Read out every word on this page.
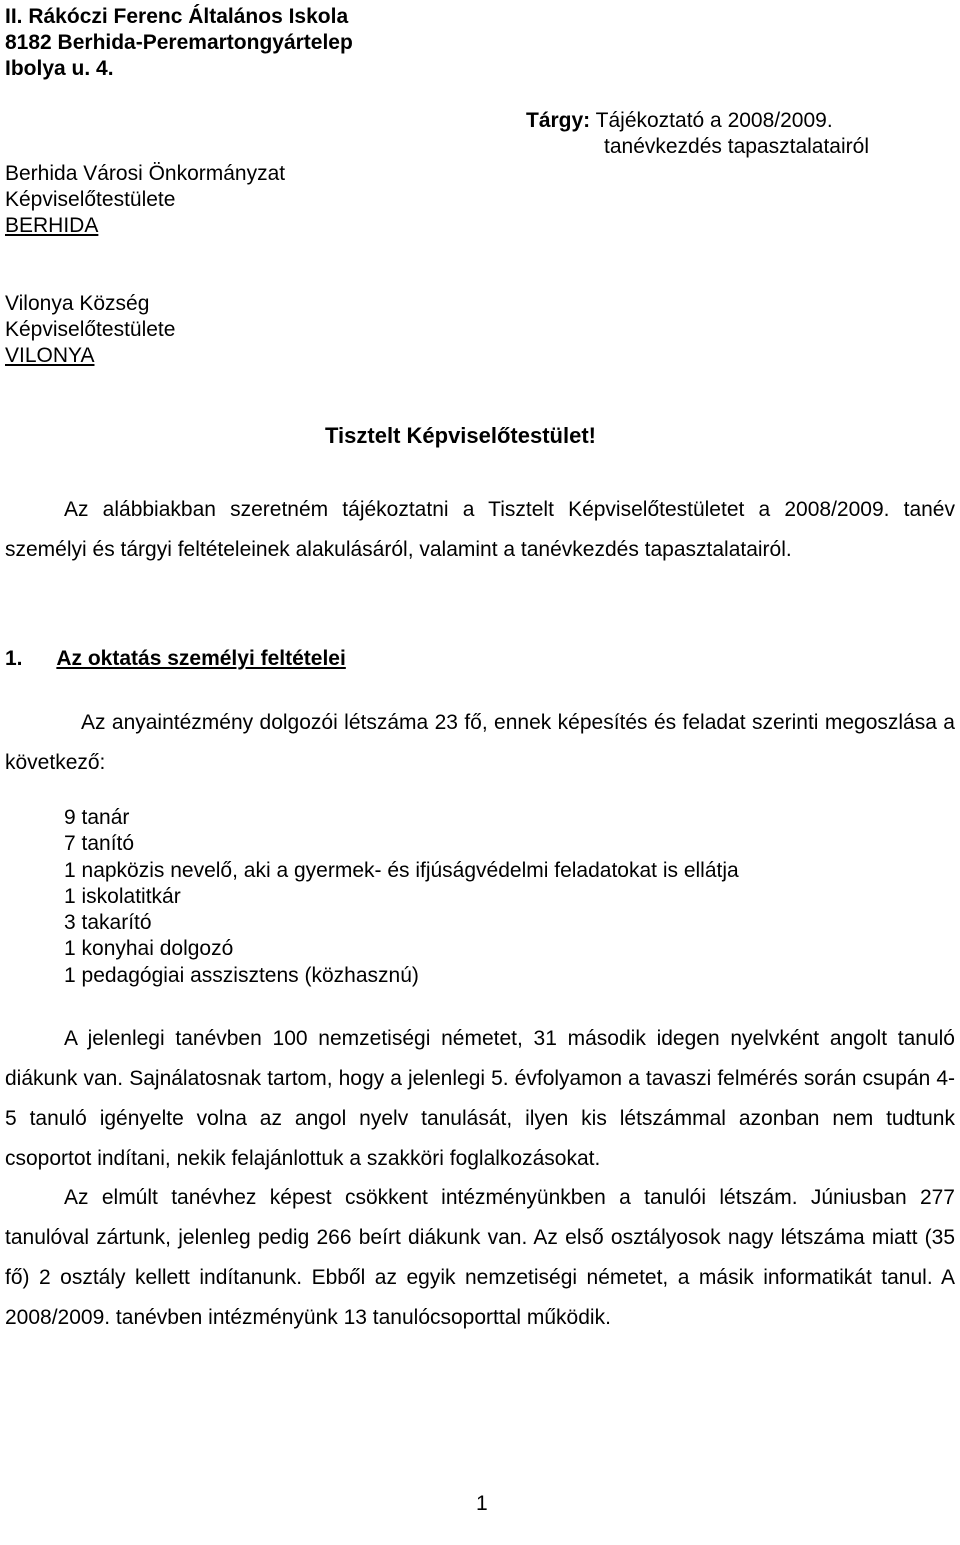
II. Rákóczi Ferenc Általános Iskola
8182 Berhida-Peremartongyártelep
Ibolya u. 4.
Tárgy: Tájékoztató a 2008/2009.
tanévkezdés tapasztalatairól
Berhida Városi Önkormányzat
Képviselőtestülete
BERHIDA
Vilonya Község
Képviselőtestülete
VILONYA
Tisztelt Képviselőtestület!
Az alábbiakban szeretném tájékoztatni a Tisztelt Képviselőtestületet a 2008/2009. tanév személyi és tárgyi feltételeinek alakulásáról, valamint a tanévkezdés tapasztalatairól.
1. Az oktatás személyi feltételei
Az anyaintézmény dolgozói létszáma 23 fő, ennek képesítés és feladat szerinti megoszlása a következő:
9 tanár
7 tanító
1 napközis nevelő, aki a gyermek- és ifjúságvédelmi feladatokat is ellátja
1 iskolatitkár
3 takarító
1 konyhai dolgozó
1 pedagógiai asszisztens (közhasznú)
A jelenlegi tanévben 100 nemzetiségi németet, 31 második idegen nyelvként angolt tanuló diákunk van. Sajnálatosnak tartom, hogy a jelenlegi 5. évfolyamon a tavaszi felmérés során csupán 4-5 tanuló igényelte volna az angol nyelv tanulását, ilyen kis létszámmal azonban nem tudtunk csoportot indítani, nekik felajánlottuk a szakköri foglalkozásokat.
Az elmúlt tanévhez képest csökkent intézményünkben a tanulói létszám. Júniusban 277 tanulóval zártunk, jelenleg pedig 266 beírt diákunk van. Az első osztályosok nagy létszáma miatt (35 fő) 2 osztály kellett indítanunk. Ebből az egyik nemzetiségi németet, a másik informatikát tanul. A 2008/2009. tanévben intézményünk 13 tanulócsoporttal működik.
1
